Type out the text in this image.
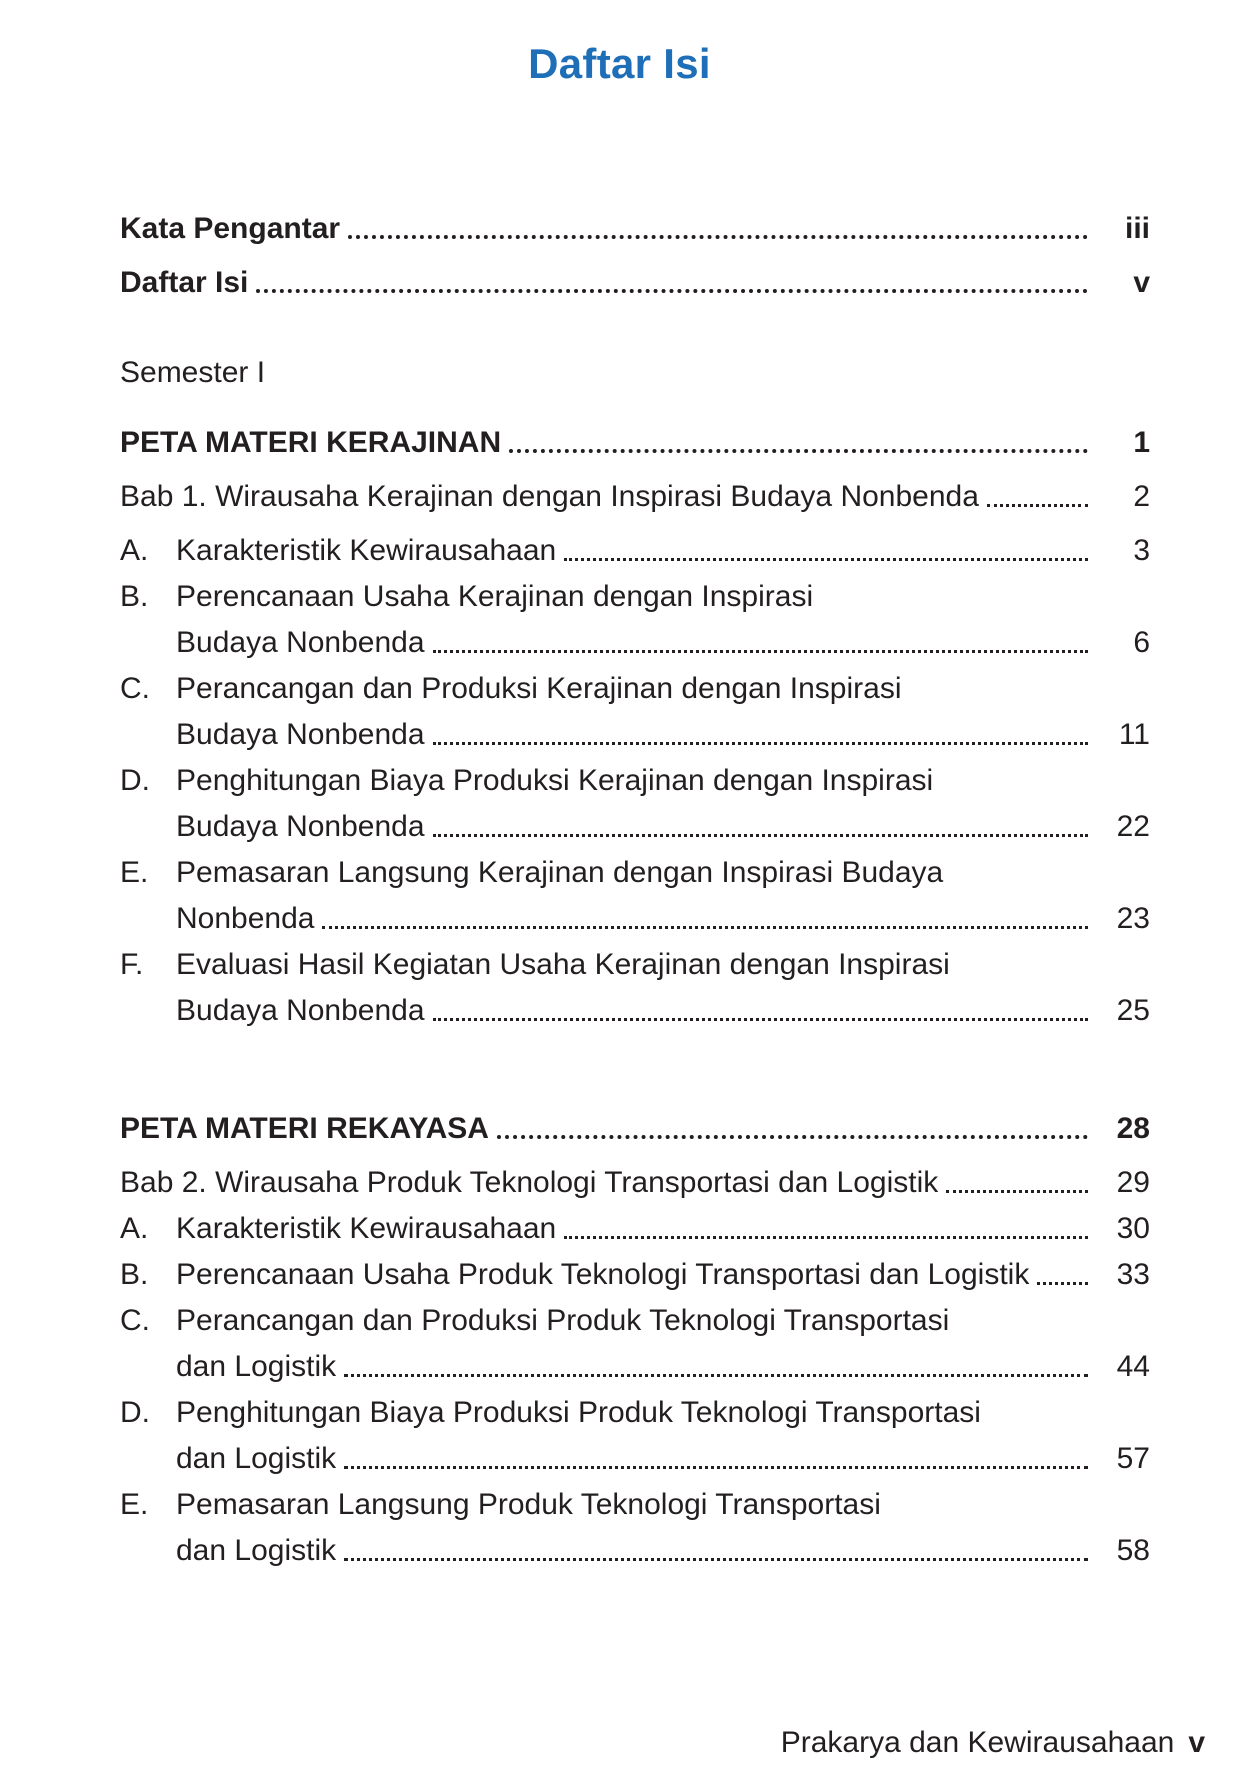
Daftar Isi
Kata Pengantar	iii
Daftar Isi	v
Semester I
PETA MATERI KERAJINAN	1
Bab 1. Wirausaha Kerajinan dengan Inspirasi Budaya Nonbenda	2
A. Karakteristik Kewirausahaan	3
B. Perencanaan Usaha Kerajinan dengan Inspirasi
Budaya Nonbenda	6
C. Perancangan dan Produksi Kerajinan dengan Inspirasi
Budaya Nonbenda	11
D. Penghitungan Biaya Produksi Kerajinan dengan Inspirasi
Budaya Nonbenda	22
E. Pemasaran Langsung Kerajinan dengan Inspirasi Budaya
Nonbenda	23
F.	Evaluasi Hasil Kegiatan Usaha Kerajinan dengan Inspirasi
Budaya Nonbenda	25
PETA MATERI REKAYASA	28
Bab 2. Wirausaha Produk Teknologi Transportasi dan Logistik	29
A. Karakteristik Kewirausahaan	30
B. Perencanaan Usaha Produk Teknologi Transportasi dan Logistik	33
C. Perancangan dan Produksi Produk Teknologi Transportasi
dan Logistik	44
D. Penghitungan Biaya Produksi Produk Teknologi Transportasi
dan Logistik	57
E. Pemasaran Langsung Produk Teknologi Transportasi
dan Logistik	58
Prakarya dan Kewirausahaan v
